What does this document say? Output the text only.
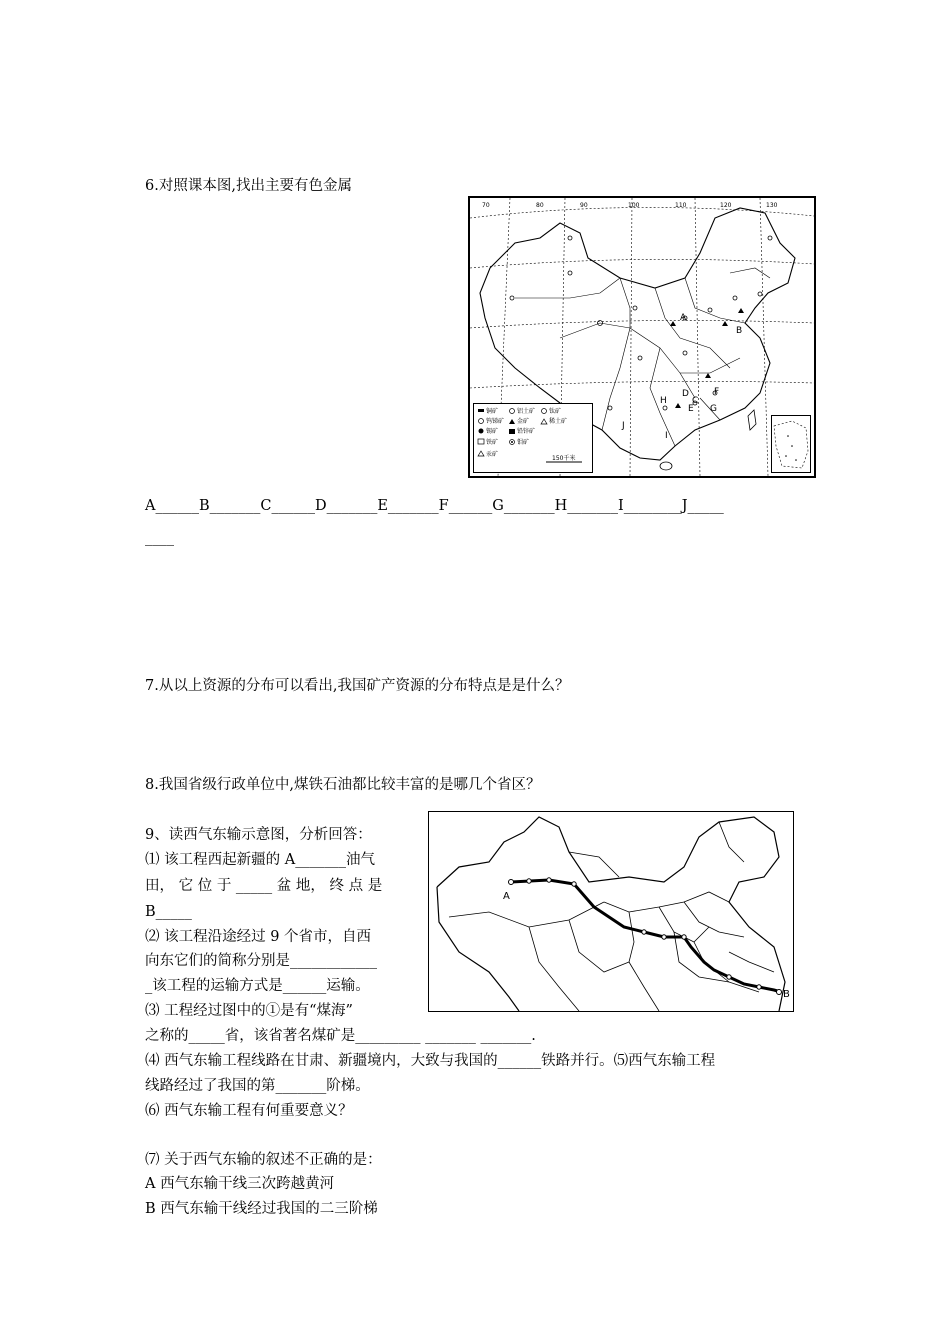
6.对照课本图,找出主要有色金属
70	80	90	100	110	120	130
A
B
C
D
E
F
G
H
I
J
铜矿
钨锑矿
锡矿
铁矿
汞矿
铝土矿
金矿
铅锌矿
钼矿
钛矿
稀土矿
150千米
A______B_______C______D_______E_______F______G_______H_______I________J_____
____
7.从以上资源的分布可以看出,我国矿产资源的分布特点是是什么？
8.我国省级行政单位中,煤铁石油都比较丰富的是哪几个省区？
9、读西气东输示意图，分析回答：
⑴ 该工程西起新疆的 A_______油气
田， 它 位 于 _____ 盆 地， 终 点 是
B_____
⑵ 该工程沿途经过 9 个省市，自西
向东它们的简称分别是____________
_该工程的运输方式是______运输。
⑶ 工程经过图中的①是有“煤海”
之称的_____省，该省著名煤矿是_________ _______ _______.
⑷ 西气东输工程线路在甘肃、新疆境内，大致与我国的______铁路并行。⑸西气东输工程
线路经过了我国的第_______阶梯。
⑹ 西气东输工程有何重要意义？
⑺ 关于西气东输的叙述不正确的是：
A 西气东输干线三次跨越黄河
B 西气东输干线经过我国的二三阶梯
A
B
